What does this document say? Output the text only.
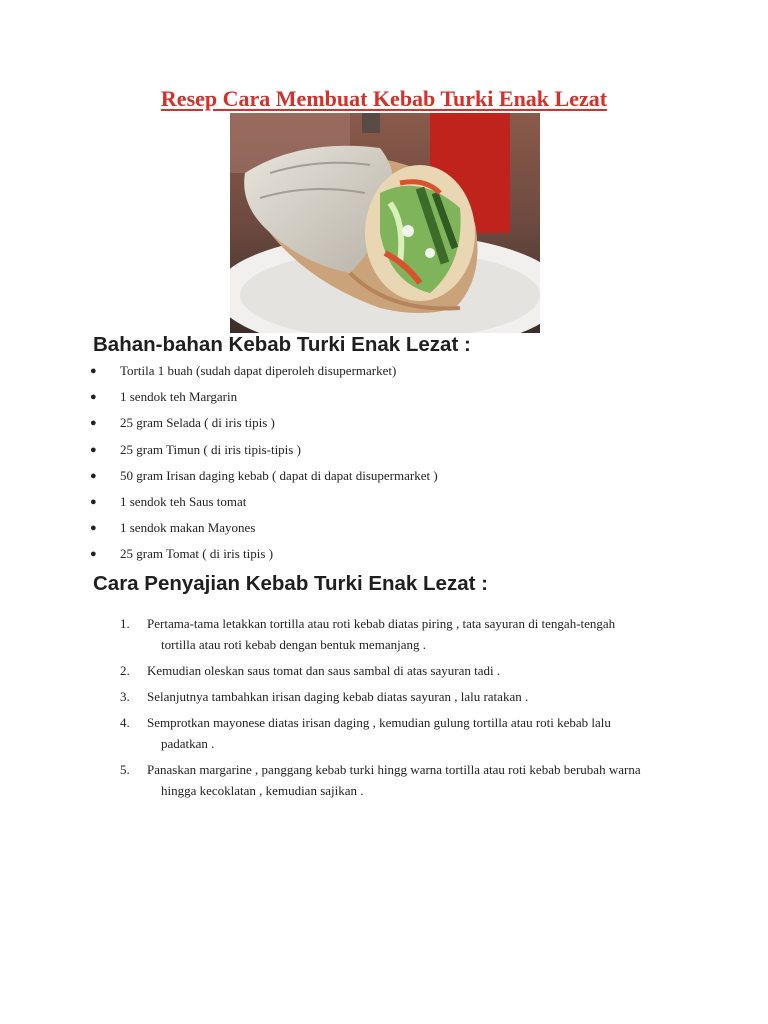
Resep Cara Membuat Kebab Turki Enak Lezat
Bahan-bahan Kebab Turki Enak Lezat :
● Tortila 1 buah (sudah dapat diperoleh disupermarket)
● 1 sendok teh Margarin
● 25 gram Selada ( di iris tipis )
● 25 gram Timun ( di iris tipis-tipis )
● 50 gram Irisan daging kebab ( dapat di dapat disupermarket )
● 1 sendok teh Saus tomat
● 1 sendok makan Mayones
● 25 gram Tomat ( di iris tipis )
Cara Penyajian Kebab Turki Enak Lezat :
1. Pertama-tama letakkan tortilla atau roti kebab diatas piring , tata sayuran di tengah-tengah
tortilla atau roti kebab dengan bentuk memanjang .
2. Kemudian oleskan saus tomat dan saus sambal di atas sayuran tadi .
3. Selanjutnya tambahkan irisan daging kebab diatas sayuran , lalu ratakan .
4. Semprotkan mayonese diatas irisan daging , kemudian gulung tortilla atau roti kebab lalu
padatkan .
5. Panaskan margarine , panggang kebab turki hingg warna tortilla atau roti kebab berubah warna
hingga kecoklatan , kemudian sajikan .
